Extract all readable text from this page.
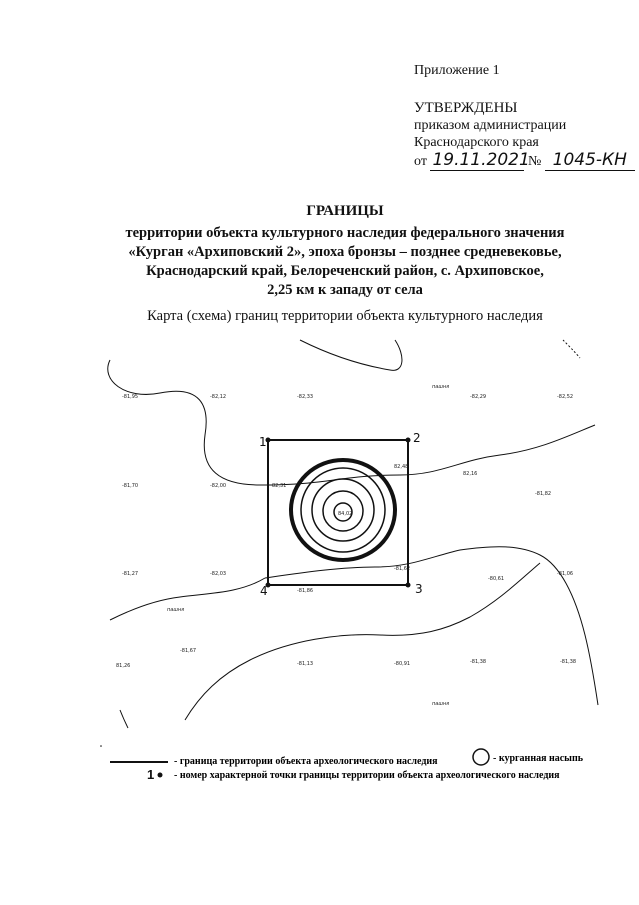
Приложение 1
УТВЕРЖДЕНЫ
приказом администрации
Краснодарского края
от 19.11.2021 № 1045-КН
ГРАНИЦЫ
территории объекта культурного наследия федерального значения
«Курган «Архиповский 2», эпоха бронзы – позднее средневековье,
Краснодарский край, Белореченский район, с. Архиповское,
2,25 км к западу от села
Карта (схема) границ территории объекта культурного наследия
1	2
3
4
-81,95	-82,12	-82,33	-82,29	-82,52
-81,70	-82,00	82,31
82,48
82,16
-81,82
84,02
-81,27	-82,03
-81,86
-81,62
-80,61
-81,06
-81,67
-81,13	-80,91	-81,38	-81,38
81,26
пашня
пашня
пашня
- граница территории объекта археологического наследия	- курганная насыпь
1 - номер характерной точки границы территории объекта археологического наследия
